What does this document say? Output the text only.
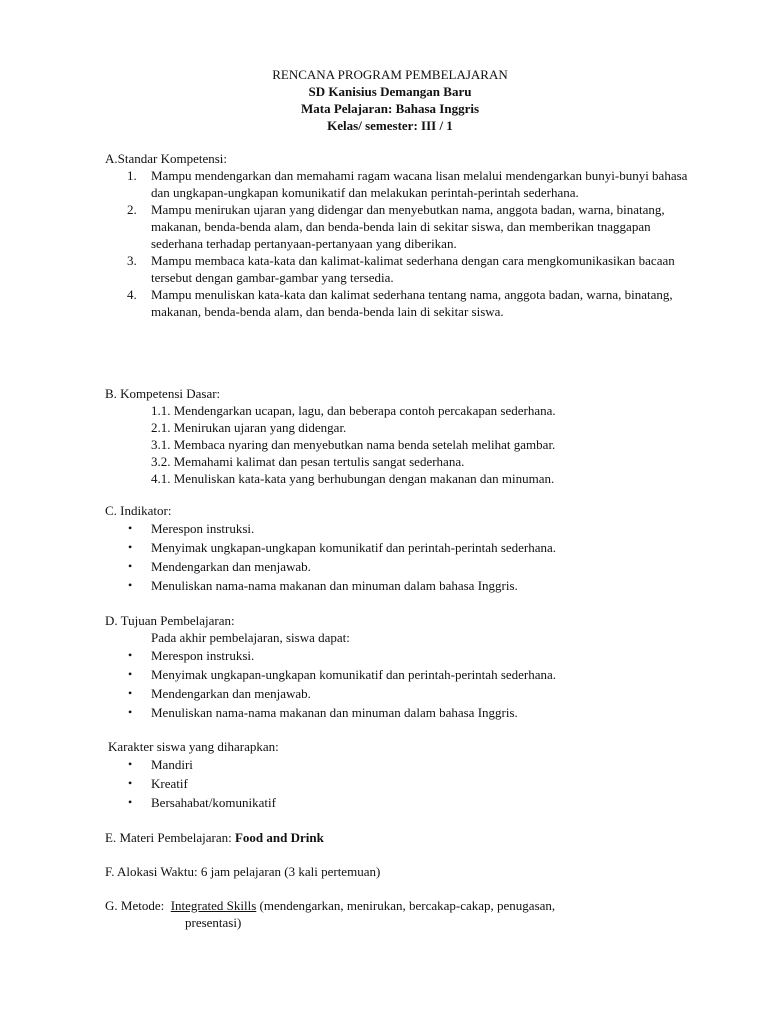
RENCANA PROGRAM PEMBELAJARAN
SD Kanisius Demangan Baru
Mata Pelajaran: Bahasa Inggris
Kelas/ semester: III / 1
A.Standar Kompetensi:
1. Mampu mendengarkan dan memahami ragam wacana lisan melalui mendengarkan bunyi-bunyi bahasa dan ungkapan-ungkapan komunikatif dan melakukan perintah-perintah sederhana.
2. Mampu menirukan ujaran yang didengar dan menyebutkan nama, anggota badan, warna, binatang, makanan, benda-benda alam, dan benda-benda lain di sekitar siswa, dan memberikan tnaggapan sederhana terhadap pertanyaan-pertanyaan yang diberikan.
3. Mampu membaca kata-kata dan kalimat-kalimat sederhana dengan cara mengkomunikasikan bacaan tersebut dengan gambar-gambar yang tersedia.
4. Mampu menuliskan kata-kata dan kalimat sederhana tentang nama, anggota badan, warna, binatang, makanan, benda-benda alam, dan benda-benda lain di sekitar siswa.
B. Kompetensi Dasar:
1.1. Mendengarkan ucapan, lagu, dan beberapa contoh percakapan sederhana.
2.1. Menirukan ujaran yang didengar.
3.1. Membaca nyaring dan menyebutkan nama benda setelah melihat gambar.
3.2. Memahami kalimat dan pesan tertulis sangat sederhana.
4.1. Menuliskan kata-kata yang berhubungan dengan makanan dan minuman.
C. Indikator:
• Merespon instruksi.
• Menyimak ungkapan-ungkapan komunikatif dan perintah-perintah sederhana.
• Mendengarkan dan menjawab.
• Menuliskan nama-nama makanan dan minuman dalam bahasa Inggris.
D. Tujuan Pembelajaran:
Pada akhir pembelajaran, siswa dapat:
• Merespon instruksi.
• Menyimak ungkapan-ungkapan komunikatif dan perintah-perintah sederhana.
• Mendengarkan dan menjawab.
• Menuliskan nama-nama makanan dan minuman dalam bahasa Inggris.
Karakter siswa yang diharapkan:
• Mandiri
• Kreatif
• Bersahabat/komunikatif
E. Materi Pembelajaran: Food and Drink
F. Alokasi Waktu: 6 jam pelajaran (3 kali pertemuan)
G. Metode: Integrated Skills (mendengarkan, menirukan, bercakap-cakap, penugasan,
presentasi)
